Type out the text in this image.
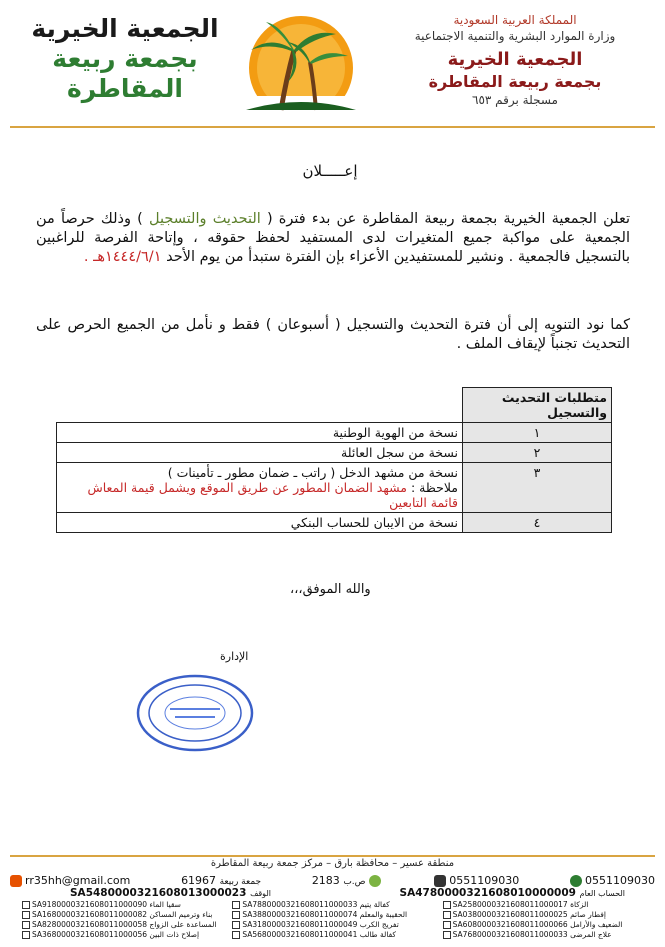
الجمعية الخيرية
بجمعة ربيعة
المقاطرة
المملكة العربية السعودية
وزارة الموارد البشرية والتنمية الاجتماعية
الجمعية الخيرية
بجمعة ربيعة المقاطرة
مسجلة برقم ٦٥٣
إعـــــلان
تعلن الجمعية الخيرية بجمعة ربيعة المقاطرة عن بدء فترة ( التحديث والتسجيل ) وذلك حرصاً من الجمعية على مواكبة جميع المتغيرات لدى المستفيد لحفظ حقوقه ، وإتاحة الفرصة للراغبين بالتسجيل فالجمعية . ونشير للمستفيدين الأعزاء بإن الفترة ستبدأ من يوم الأحد ١٤٤٤/٦/١هـ .
كما نود التنويه إلى أن فترة التحديث والتسجيل ( أسبوعان ) فقط و نأمل من الجميع الحرص على التحديث تجنباً لإيقاف الملف .
متطلبات التحديث والتسجيل	
١	نسخة من الهوية الوطنية
٢	نسخة من سجل العائلة
٣	نسخة من مشهد الدخل ( راتب ـ ضمان مطور ـ تأمينات )
ملاحظة : مشهد الضمان المطور عن طريق الموقع ويشمل قيمة المعاش قائمة التابعين

٤	نسخة من الايبان للحساب البنكي
والله الموفق،،،
الإدارة
منطقة عسير – محافظة بارق – مركز جمعة ربيعة المقاطرة
rr35hh@gmail.com	61967 جمعة ربيعة	2183 ص.ب	0551109030	0551109030
SA5480000321608013000023 الوقف	SA4780000321608010000009 الحساب العام
SA9180000321608011000090 سقيا الماء	SA7880000321608011000033 كفالة يتيم	SA2580000321608011000017 الزكاة
SA1680000321608011000082 بناء وترميم المساكن	SA3880000321608011000074 الحقيبة والمعلم	SA0380000321608011000025 إفطار صائم
SA8280000321608011000058 المساعدة على الزواج	SA3180000321608011000049 تفريج الكرب	SA6080000321608011000066 الضعيف والأرامل
SA3680000321608011000056 إصلاح ذات البين	SA5680000321608011000041 كفالة طالب	SA7680000321608011000033 علاج المرضى
